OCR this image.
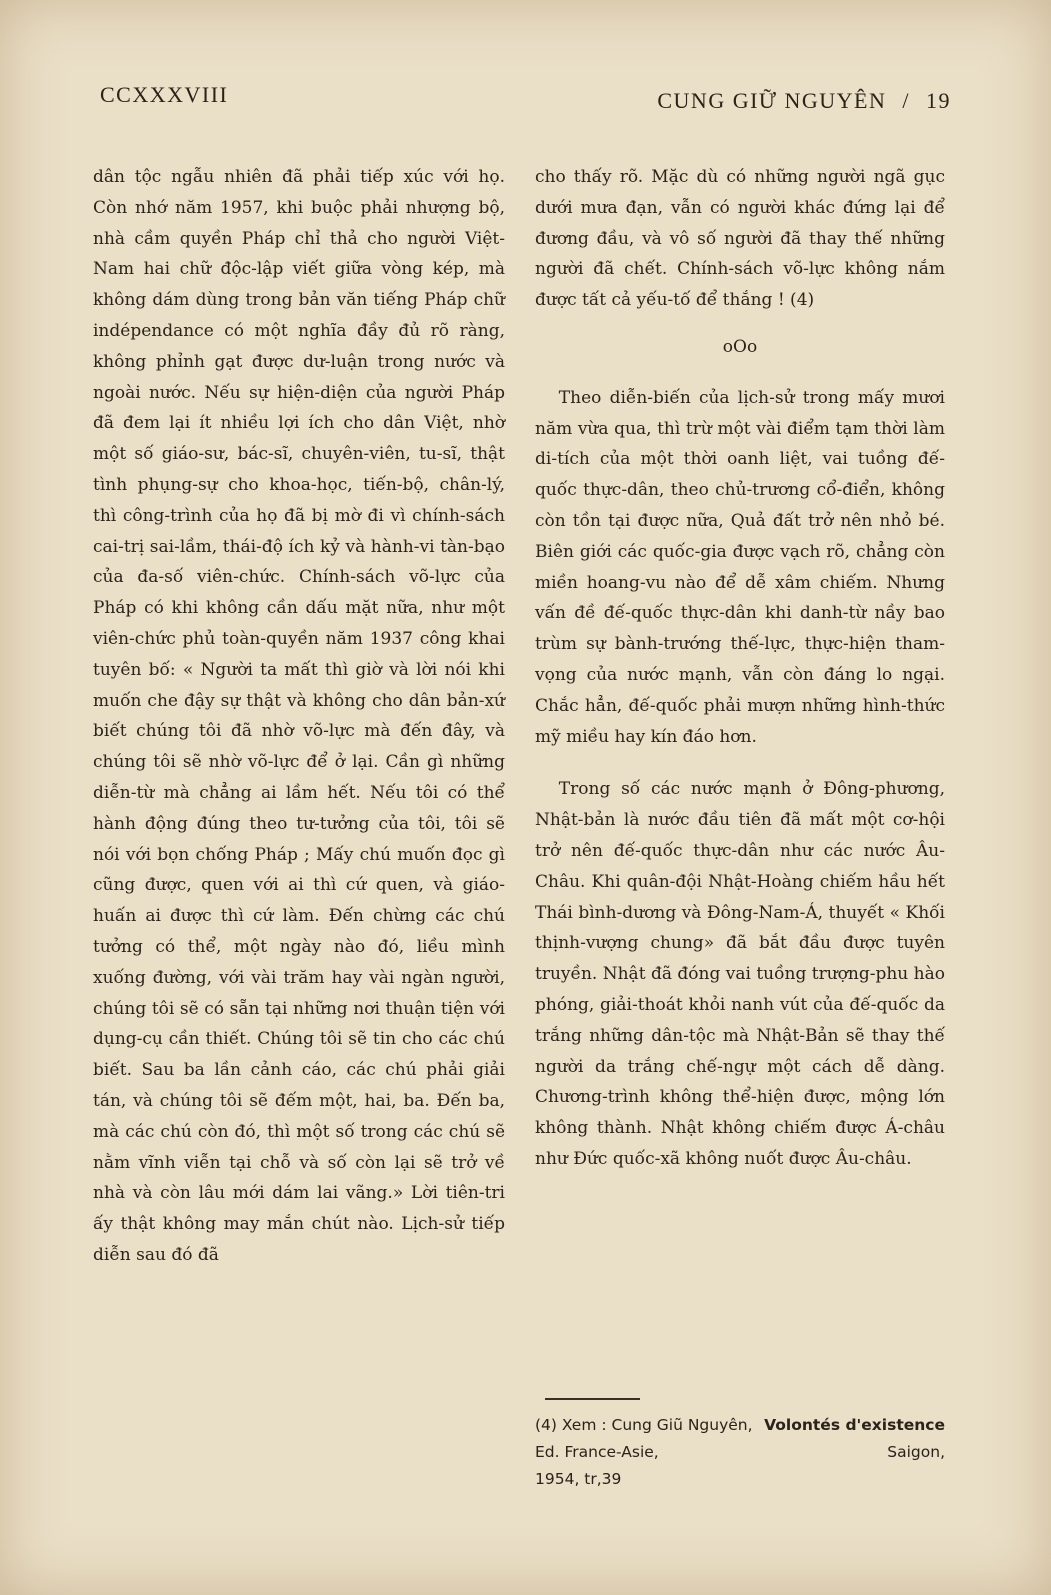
CCXXXVIII	CUNG GIỮ NGUYÊN / 19

dân tộc ngẫu nhiên đã phải tiếp xúc với họ. Còn nhớ năm 1957, khi buộc phải nhượng bộ, nhà cầm quyền Pháp chỉ thả cho người Việt-Nam hai chữ độc-lập viết giữa vòng kép, mà không dám dùng trong bản văn tiếng Pháp chữ indépendance có một nghĩa đầy đủ rõ ràng, không phỉnh gạt được dư-luận trong nước và ngoài nước. Nếu sự hiện-diện của người Pháp đã đem lại ít nhiều lợi ích cho dân Việt, nhờ một số giáo-sư, bác-sĩ, chuyên-viên, tu-sĩ, thật tình phụng-sự cho khoa-học, tiến-bộ, chân-lý, thì công-trình của họ đã bị mờ đi vì chính-sách cai-trị sai-lầm, thái-độ ích kỷ và hành-vi tàn-bạo của đa-số viên-chức. Chính-sách võ-lực của Pháp có khi không cần dấu mặt nữa, như một viên-chức phủ toàn-quyền năm 1937 công khai tuyên bố: « Người ta mất thì giờ và lời nói khi muốn che đậy sự thật và không cho dân bản-xứ biết chúng tôi đã nhờ võ-lực mà đến đây, và chúng tôi sẽ nhờ võ-lực để ở lại. Cần gì những diễn-từ mà chẳng ai lầm hết. Nếu tôi có thể hành động đúng theo tư-tưởng của tôi, tôi sẽ nói với bọn chống Pháp ; Mấy chú muốn đọc gì cũng được, quen với ai thì cứ quen, và giáo-huấn ai được thì cứ làm. Đến chừng các chú tưởng có thể, một ngày nào đó, liều mình xuống đường, với vài trăm hay vài ngàn người, chúng tôi sẽ có sẵn tại những nơi thuận tiện với dụng-cụ cần thiết. Chúng tôi sẽ tin cho các chú biết. Sau ba lần cảnh cáo, các chú phải giải tán, và chúng tôi sẽ đếm một, hai, ba. Đến ba, mà các chú còn đó, thì một số trong các chú sẽ nằm vĩnh viễn tại chỗ và số còn lại sẽ trở về nhà và còn lâu mới dám lai vãng.» Lời tiên-tri ấy thật không may mắn chút nào. Lịch-sử tiếp diễn sau đó đã

cho thấy rõ. Mặc dù có những người ngã gục dưới mưa đạn, vẫn có người khác đứng lại để đương đầu, và vô số người đã thay thế những người đã chết. Chính-sách võ-lực không nắm được tất cả yếu-tố để thắng ! (4)

oOo

Theo diễn-biến của lịch-sử trong mấy mươi năm vừa qua, thì trừ một vài điểm tạm thời làm di-tích của một thời oanh liệt, vai tuồng đế-quốc thực-dân, theo chủ-trương cổ-điển, không còn tồn tại được nữa, Quả đất trở nên nhỏ bé. Biên giới các quốc-gia được vạch rõ, chẳng còn miền hoang-vu nào để dễ xâm chiếm. Nhưng vấn đề đế-quốc thực-dân khi danh-từ nầy bao trùm sự bành-trướng thế-lực, thực-hiện tham-vọng của nước mạnh, vẫn còn đáng lo ngại. Chắc hẳn, đế-quốc phải mượn những hình-thức mỹ miều hay kín đáo hơn.

Trong số các nước mạnh ở Đông-phương, Nhật-bản là nước đầu tiên đã mất một cơ-hội trở nên đế-quốc thực-dân như các nước Âu-Châu. Khi quân-đội Nhật-Hoàng chiếm hầu hết Thái bình-dương và Đông-Nam-Á, thuyết « Khối thịnh-vượng chung» đã bắt đầu được tuyên truyền. Nhật đã đóng vai tuồng trượng-phu hào phóng, giải-thoát khỏi nanh vút của đế-quốc da trắng những dân-tộc mà Nhật-Bản sẽ thay thế người da trắng chế-ngự một cách dễ dàng. Chương-trình không thể-hiện được, mộng lớn không thành. Nhật không chiếm được Á-châu như Đức quốc-xã không nuốt được Âu-châu.

(4) Xem : Cung Giũ Nguyên, Volontés d'existence

Ed. France-Asie,	Saigon,

1954, tr,39
